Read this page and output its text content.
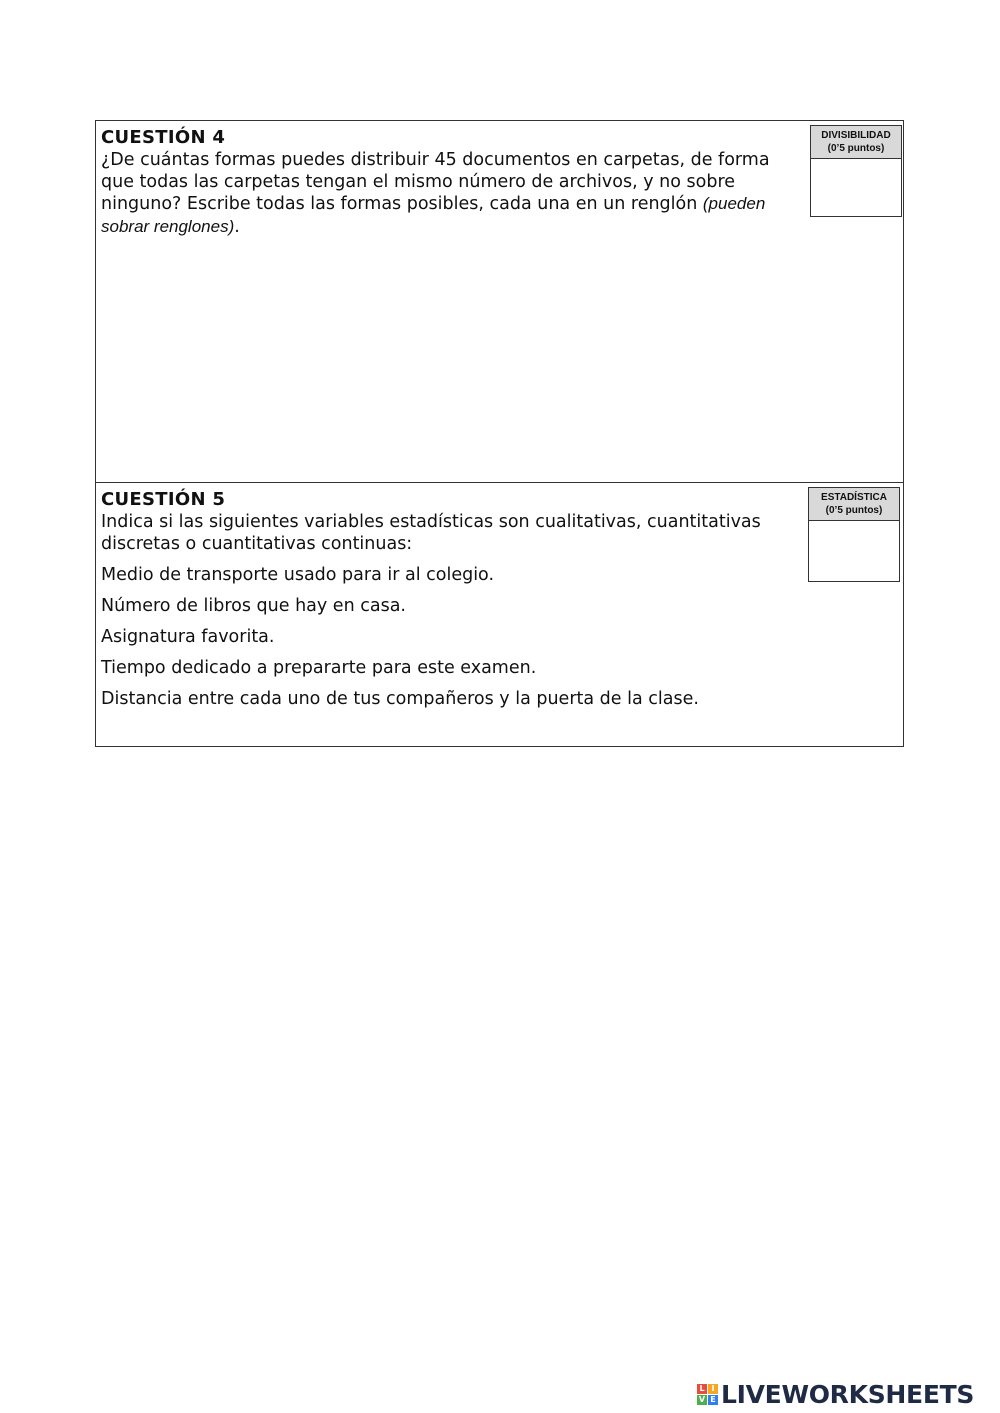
CUESTIÓN 4

¿De cuántas formas puedes distribuir 45 documentos en carpetas, de forma que todas las carpetas tengan el mismo número de archivos, y no sobre ninguno? Escribe todas las formas posibles, cada una en un renglón (pueden sobrar renglones).

DIVISIBILIDAD
(0’5 puntos)
CUESTIÓN 5

Indica si las siguientes variables estadísticas son cualitativas, cuantitativas discretas o cuantitativas continuas:

ESTADÍSTICA
(0’5 puntos)
Medio de transporte usado para ir al colegio.
Número de libros que hay en casa.
Asignatura favorita.
Tiempo dedicado a prepararte para este examen.
Distancia entre cada uno de tus compañeros y la puerta de la clase.
L I
V E LIVEWORKSHEETS
